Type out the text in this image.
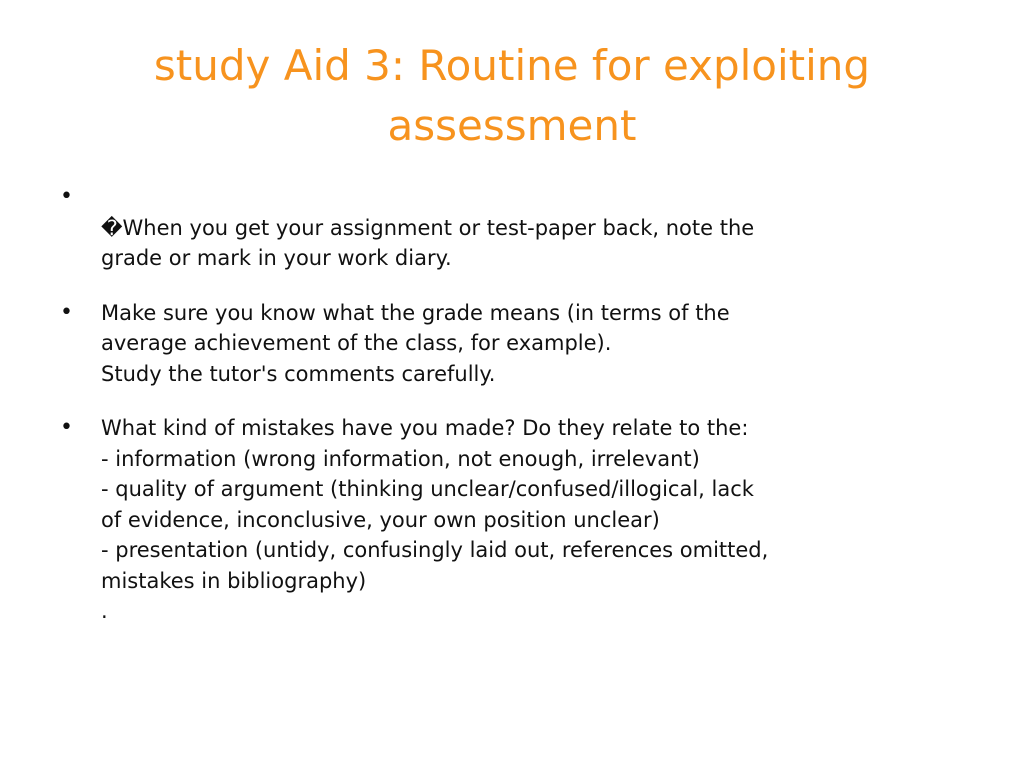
study Aid 3: Routine for exploiting
assessment
•
�When you get your assignment or test-paper back, note the
grade or mark in your work diary.
• Make sure you know what the grade means (in terms of the
average achievement of the class, for example).
Study the tutor's comments carefully.
• What kind of mistakes have you made? Do they relate to the:
- information (wrong information, not enough, irrelevant)
- quality of argument (thinking unclear/confused/illogical, lack
of evidence, inconclusive, your own position unclear)
- presentation (untidy, confusingly laid out, references omitted,
mistakes in bibliography)
.
